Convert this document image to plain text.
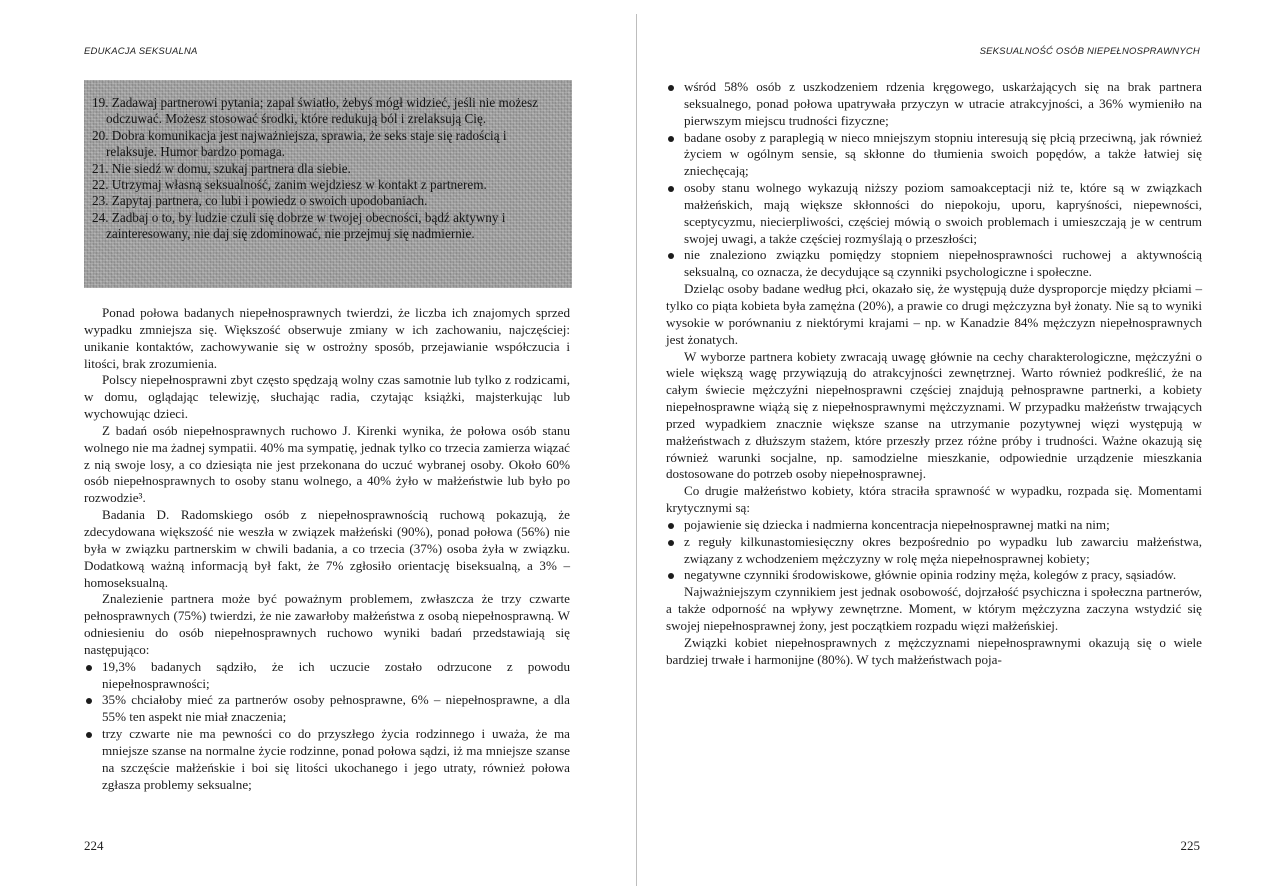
EDUKACJA SEKSUALNA

19. Zadawaj partnerowi pytania; zapal światło, żebyś mógł widzieć, jeśli nie możesz odczuwać. Możesz stosować środki, które redukują ból i zrelaksują Cię.

20. Dobra komunikacja jest najważniejsza, sprawia, że seks staje się radością i relaksuje. Humor bardzo pomaga.

21. Nie siedź w domu, szukaj partnera dla siebie.

22. Utrzymaj własną seksualność, zanim wejdziesz w kontakt z partnerem.

23. Zapytaj partnera, co lubi i powiedz o swoich upodobaniach.

24. Zadbaj o to, by ludzie czuli się dobrze w twojej obecności, bądź aktywny i zainteresowany, nie daj się zdominować, nie przejmuj się nadmiernie.

Ponad połowa badanych niepełnosprawnych twierdzi, że liczba ich znajomych sprzed wypadku zmniejsza się. Większość obserwuje zmiany w ich zachowaniu, najczęściej: unikanie kontaktów, zachowywanie się w ostrożny sposób, przejawianie współczucia i litości, brak zrozumienia.

Polscy niepełnosprawni zbyt często spędzają wolny czas samotnie lub tylko z rodzicami, w domu, oglądając telewizję, słuchając radia, czytając książki, majsterkując lub wychowując dzieci.

Z badań osób niepełnosprawnych ruchowo J. Kirenki wynika, że połowa osób stanu wolnego nie ma żadnej sympatii. 40% ma sympatię, jednak tylko co trzecia zamierza wiązać z nią swoje losy, a co dziesiąta nie jest przekonana do uczuć wybranej osoby. Około 60% osób niepełnosprawnych to osoby stanu wolnego, a 40% żyło w małżeństwie lub było po rozwodzie³.

Badania D. Radomskiego osób z niepełnosprawnością ruchową pokazują, że zdecydowana większość nie weszła w związek małżeński (90%), ponad połowa (56%) nie była w związku partnerskim w chwili badania, a co trzecia (37%) osoba żyła w związku. Dodatkową ważną informacją był fakt, że 7% zgłosiło orientację biseksualną, a 3% – homoseksualną.

Znalezienie partnera może być poważnym problemem, zwłaszcza że trzy czwarte pełnosprawnych (75%) twierdzi, że nie zawarłoby małżeństwa z osobą niepełnosprawną. W odniesieniu do osób niepełnosprawnych ruchowo wyniki badań przedstawiają się następująco:

19,3% badanych sądziło, że ich uczucie zostało odrzucone z powodu niepełnosprawności;
35% chciałoby mieć za partnerów osoby pełnosprawne, 6% – niepełnosprawne, a dla 55% ten aspekt nie miał znaczenia;
trzy czwarte nie ma pewności co do przyszłego życia rodzinnego i uważa, że ma mniejsze szanse na normalne życie rodzinne, ponad połowa sądzi, iż ma mniejsze szanse na szczęście małżeńskie i boi się litości ukochanego i jego utraty, również połowa zgłasza problemy seksualne;
224
SEKSUALNOŚĆ OSÓB NIEPEŁNOSPRAWNYCH
wśród 58% osób z uszkodzeniem rdzenia kręgowego, uskarżających się na brak partnera seksualnego, ponad połowa upatrywała przyczyn w utracie atrakcyjności, a 36% wymieniło na pierwszym miejscu trudności fizyczne;
badane osoby z paraplegią w nieco mniejszym stopniu interesują się płcią przeciwną, jak również życiem w ogólnym sensie, są skłonne do tłumienia swoich popędów, a także łatwiej się zniechęcają;
osoby stanu wolnego wykazują niższy poziom samoakceptacji niż te, które są w związkach małżeńskich, mają większe skłonności do niepokoju, uporu, kapryśności, niepewności, sceptycyzmu, niecierpliwości, częściej mówią o swoich problemach i umieszczają je w centrum swojej uwagi, a także częściej rozmyślają o przeszłości;
nie znaleziono związku pomiędzy stopniem niepełnosprawności ruchowej a aktywnością seksualną, co oznacza, że decydujące są czynniki psychologiczne i społeczne.

Dzieląc osoby badane według płci, okazało się, że występują duże dysproporcje między płciami – tylko co piąta kobieta była zamężna (20%), a prawie co drugi mężczyzna był żonaty. Nie są to wyniki wysokie w porównaniu z niektórymi krajami – np. w Kanadzie 84% mężczyzn niepełnosprawnych jest żonatych.

W wyborze partnera kobiety zwracają uwagę głównie na cechy charakterologiczne, mężczyźni o wiele większą wagę przywiązują do atrakcyjności zewnętrznej. Warto również podkreślić, że na całym świecie mężczyźni niepełnosprawni częściej znajdują pełnosprawne partnerki, a kobiety niepełnosprawne wiążą się z niepełnosprawnymi mężczyznami. W przypadku małżeństw trwających przed wypadkiem znacznie większe szanse na utrzymanie pozytywnej więzi występują w małżeństwach z dłuższym stażem, które przeszły przez różne próby i trudności. Ważne okazują się również warunki socjalne, np. samodzielne mieszkanie, odpowiednie urządzenie mieszkania dostosowane do potrzeb osoby niepełnosprawnej.

Co drugie małżeństwo kobiety, która straciła sprawność w wypadku, rozpada się. Momentami krytycznymi są:

pojawienie się dziecka i nadmierna koncentracja niepełnosprawnej matki na nim;
z reguły kilkunastomiesięczny okres bezpośrednio po wypadku lub zawarciu małżeństwa, związany z wchodzeniem mężczyzny w rolę męża niepełnosprawnej kobiety;
negatywne czynniki środowiskowe, głównie opinia rodziny męża, kolegów z pracy, sąsiadów.

Najważniejszym czynnikiem jest jednak osobowość, dojrzałość psychiczna i społeczna partnerów, a także odporność na wpływy zewnętrzne. Moment, w którym mężczyzna zaczyna wstydzić się swojej niepełnosprawnej żony, jest początkiem rozpadu więzi małżeńskiej.

Związki kobiet niepełnosprawnych z mężczyznami niepełnosprawnymi okazują się o wiele bardziej trwałe i harmonijne (80%). W tych małżeństwach poja-

225
